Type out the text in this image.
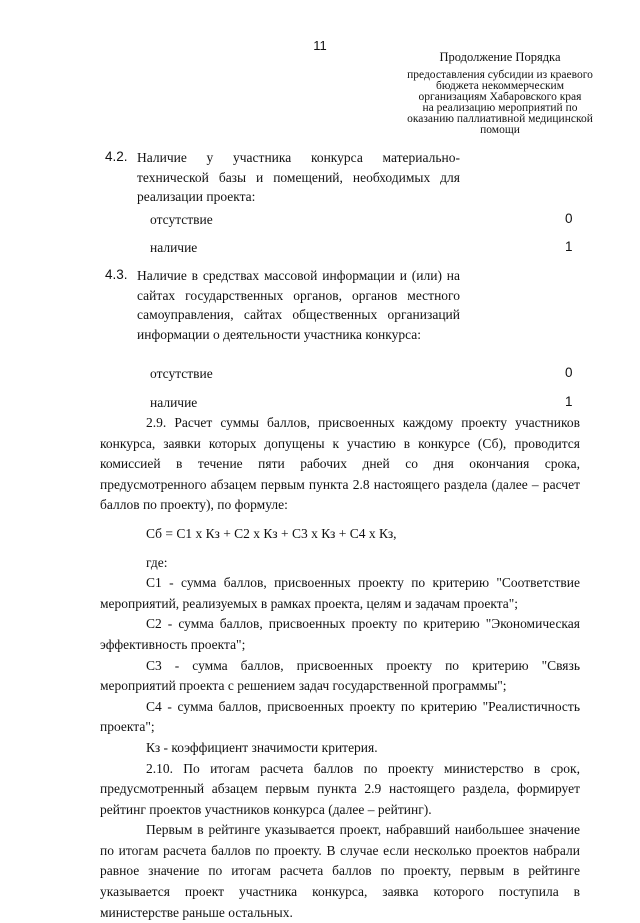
11
Продолжение Порядка
предоставления субсидии из краевого
бюджета некоммерческим
организациям Хабаровского края
на реализацию мероприятий по
оказанию паллиативной медицинской
помощи
4.2. Наличие у участника конкурса материально-технической базы и помещений, необходимых для реализации проекта:
отсутствие	0
наличие	1
4.3. Наличие в средствах массовой информации и (или) на сайтах государственных органов, органов местного самоуправления, сайтах общественных организаций информации о деятельности участника конкурса:
отсутствие	0
наличие	1

2.9. Расчет суммы баллов, присвоенных каждому проекту участников конкурса, заявки которых допущены к участию в конкурсе (Сб), проводится комиссией в течение пяти рабочих дней со дня окончания срока, предусмотренного абзацем первым пункта 2.8 настоящего раздела (далее – расчет баллов по проекту), по формуле:

Сб = С1 х Кз + С2 х Кз + С3 х Кз + С4 х Кз,

где:

С1 - сумма баллов, присвоенных проекту по критерию "Соответствие мероприятий, реализуемых в рамках проекта, целям и задачам проекта";

С2 - сумма баллов, присвоенных проекту по критерию "Экономическая эффективность проекта";

С3 - сумма баллов, присвоенных проекту по критерию "Связь мероприятий проекта с решением задач государственной программы";

С4 - сумма баллов, присвоенных проекту по критерию "Реалистичность проекта";

Кз - коэффициент значимости критерия.

2.10. По итогам расчета баллов по проекту министерство в срок, предусмотренный абзацем первым пункта 2.9 настоящего раздела, формирует рейтинг проектов участников конкурса (далее – рейтинг).

Первым в рейтинге указывается проект, набравший наибольшее значение по итогам расчета баллов по проекту. В случае если несколько проектов набрали равное значение по итогам расчета баллов по проекту, первым в рейтинге указывается проект участника конкурса, заявка которого поступила в министерстве раньше остальных.
